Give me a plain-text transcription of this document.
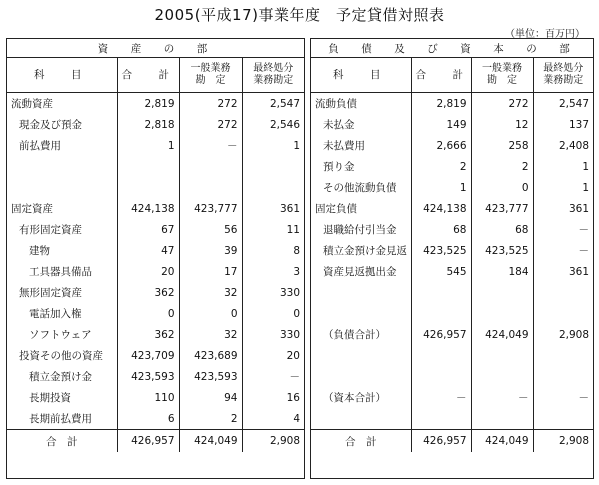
2005(平成17)事業年度　予定貸借対照表
（単位：百万円）
資　産　の　部			
科　目	合　計	一般業務
勘　定	最終処分
業務勘定
流動資産	2,819	272	2,547
現金及び預金	2,818	272	2,546
前払費用	1	－	1

固定資産	424,138	423,777	361
有形固定資産	67	56	11
建物	47	39	8
工具器具備品	20	17	3
無形固定資産	362	32	330
電話加入権	0	0	0
ソフトウェア	362	32	330
投資その他の資産	423,709	423,689	20
積立金預け金	423,593	423,593	－
長期投資	110	94	16
長期前払費用	6	2	4
合　計	426,957	424,049	2,908
負　債　及　び　資　本　の　部			
科　目	合　計	一般業務
勘　定	最終処分
業務勘定
流動負債	2,819	272	2,547
未払金	149	12	137
未払費用	2,666	258	2,408
預り金	2	2	1
その他流動負債	1	0	1
固定負債	424,138	423,777	361
退職給付引当金	68	68	－
積立金預け金見返	423,525	423,525	－
資産見返拠出金	545	184	361

（負債合計）	426,957	424,049	2,908

（資本合計）	－	－	－

合　計	426,957	424,049	2,908
